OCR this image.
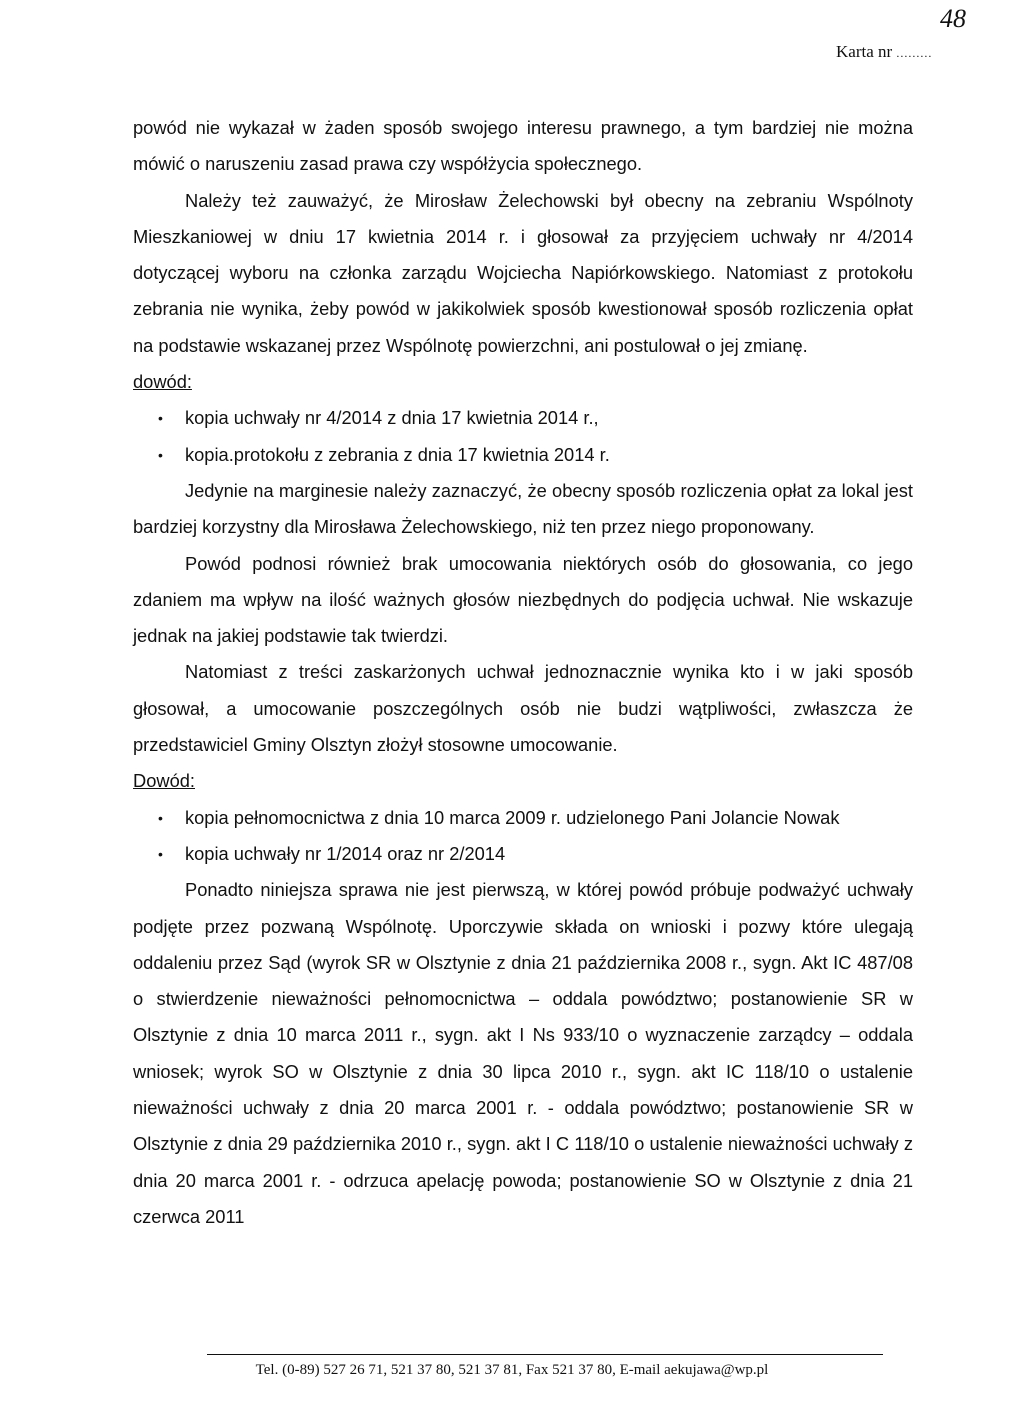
48
Karta nr .........

powód nie wykazał w żaden sposób swojego interesu prawnego, a tym bardziej nie można mówić o naruszeniu zasad prawa czy współżycia społecznego.

Należy też zauważyć, że Mirosław Żelechowski był obecny na zebraniu Wspólnoty Mieszkaniowej w dniu 17 kwietnia 2014 r. i głosował za przyjęciem uchwały nr 4/2014 dotyczącej wyboru na członka zarządu Wojciecha Napiórkowskiego. Natomiast z protokołu zebrania nie wynika, żeby powód w jakikolwiek sposób kwestionował sposób rozliczenia opłat na podstawie wskazanej przez Wspólnotę powierzchni, ani postulował o jej zmianę.

dowód:
• kopia uchwały nr 4/2014 z dnia 17 kwietnia 2014 r.,
• kopia.protokołu z zebrania z dnia 17 kwietnia 2014 r.

Jedynie na marginesie należy zaznaczyć, że obecny sposób rozliczenia opłat za lokal jest bardziej korzystny dla Mirosława Żelechowskiego, niż ten przez niego proponowany.

Powód podnosi również brak umocowania niektórych osób do głosowania, co jego zdaniem ma wpływ na ilość ważnych głosów niezbędnych do podjęcia uchwał. Nie wskazuje jednak na jakiej podstawie tak twierdzi.

Natomiast z treści zaskarżonych uchwał jednoznacznie wynika kto i w jaki sposób głosował, a umocowanie poszczególnych osób nie budzi wątpliwości, zwłaszcza że przedstawiciel Gminy Olsztyn złożył stosowne umocowanie.

Dowód:
• kopia pełnomocnictwa z dnia 10 marca 2009 r. udzielonego Pani Jolancie Nowak
• kopia uchwały nr 1/2014 oraz nr 2/2014

Ponadto niniejsza sprawa nie jest pierwszą, w której powód próbuje podważyć uchwały podjęte przez pozwaną Wspólnotę. Uporczywie składa on wnioski i pozwy które ulegają oddaleniu przez Sąd (wyrok SR w Olsztynie z dnia 21 października 2008 r., sygn. Akt IC 487/08 o stwierdzenie nieważności pełnomocnictwa – oddala powództwo; postanowienie SR w Olsztynie z dnia 10 marca 2011 r., sygn. akt I Ns 933/10 o wyznaczenie zarządcy – oddala wniosek; wyrok SO w Olsztynie z dnia 30 lipca 2010 r., sygn. akt IC 118/10 o ustalenie nieważności uchwały z dnia 20 marca 2001 r. - oddala powództwo; postanowienie SR w Olsztynie z dnia 29 października 2010 r., sygn. akt I C 118/10 o ustalenie nieważności uchwały z dnia 20 marca 2001 r. - odrzuca apelację powoda; postanowienie SO w Olsztynie z dnia 21 czerwca 2011

Tel. (0-89) 527 26 71, 521 37 80, 521 37 81, Fax 521 37 80, E-mail aekujawa@wp.pl
